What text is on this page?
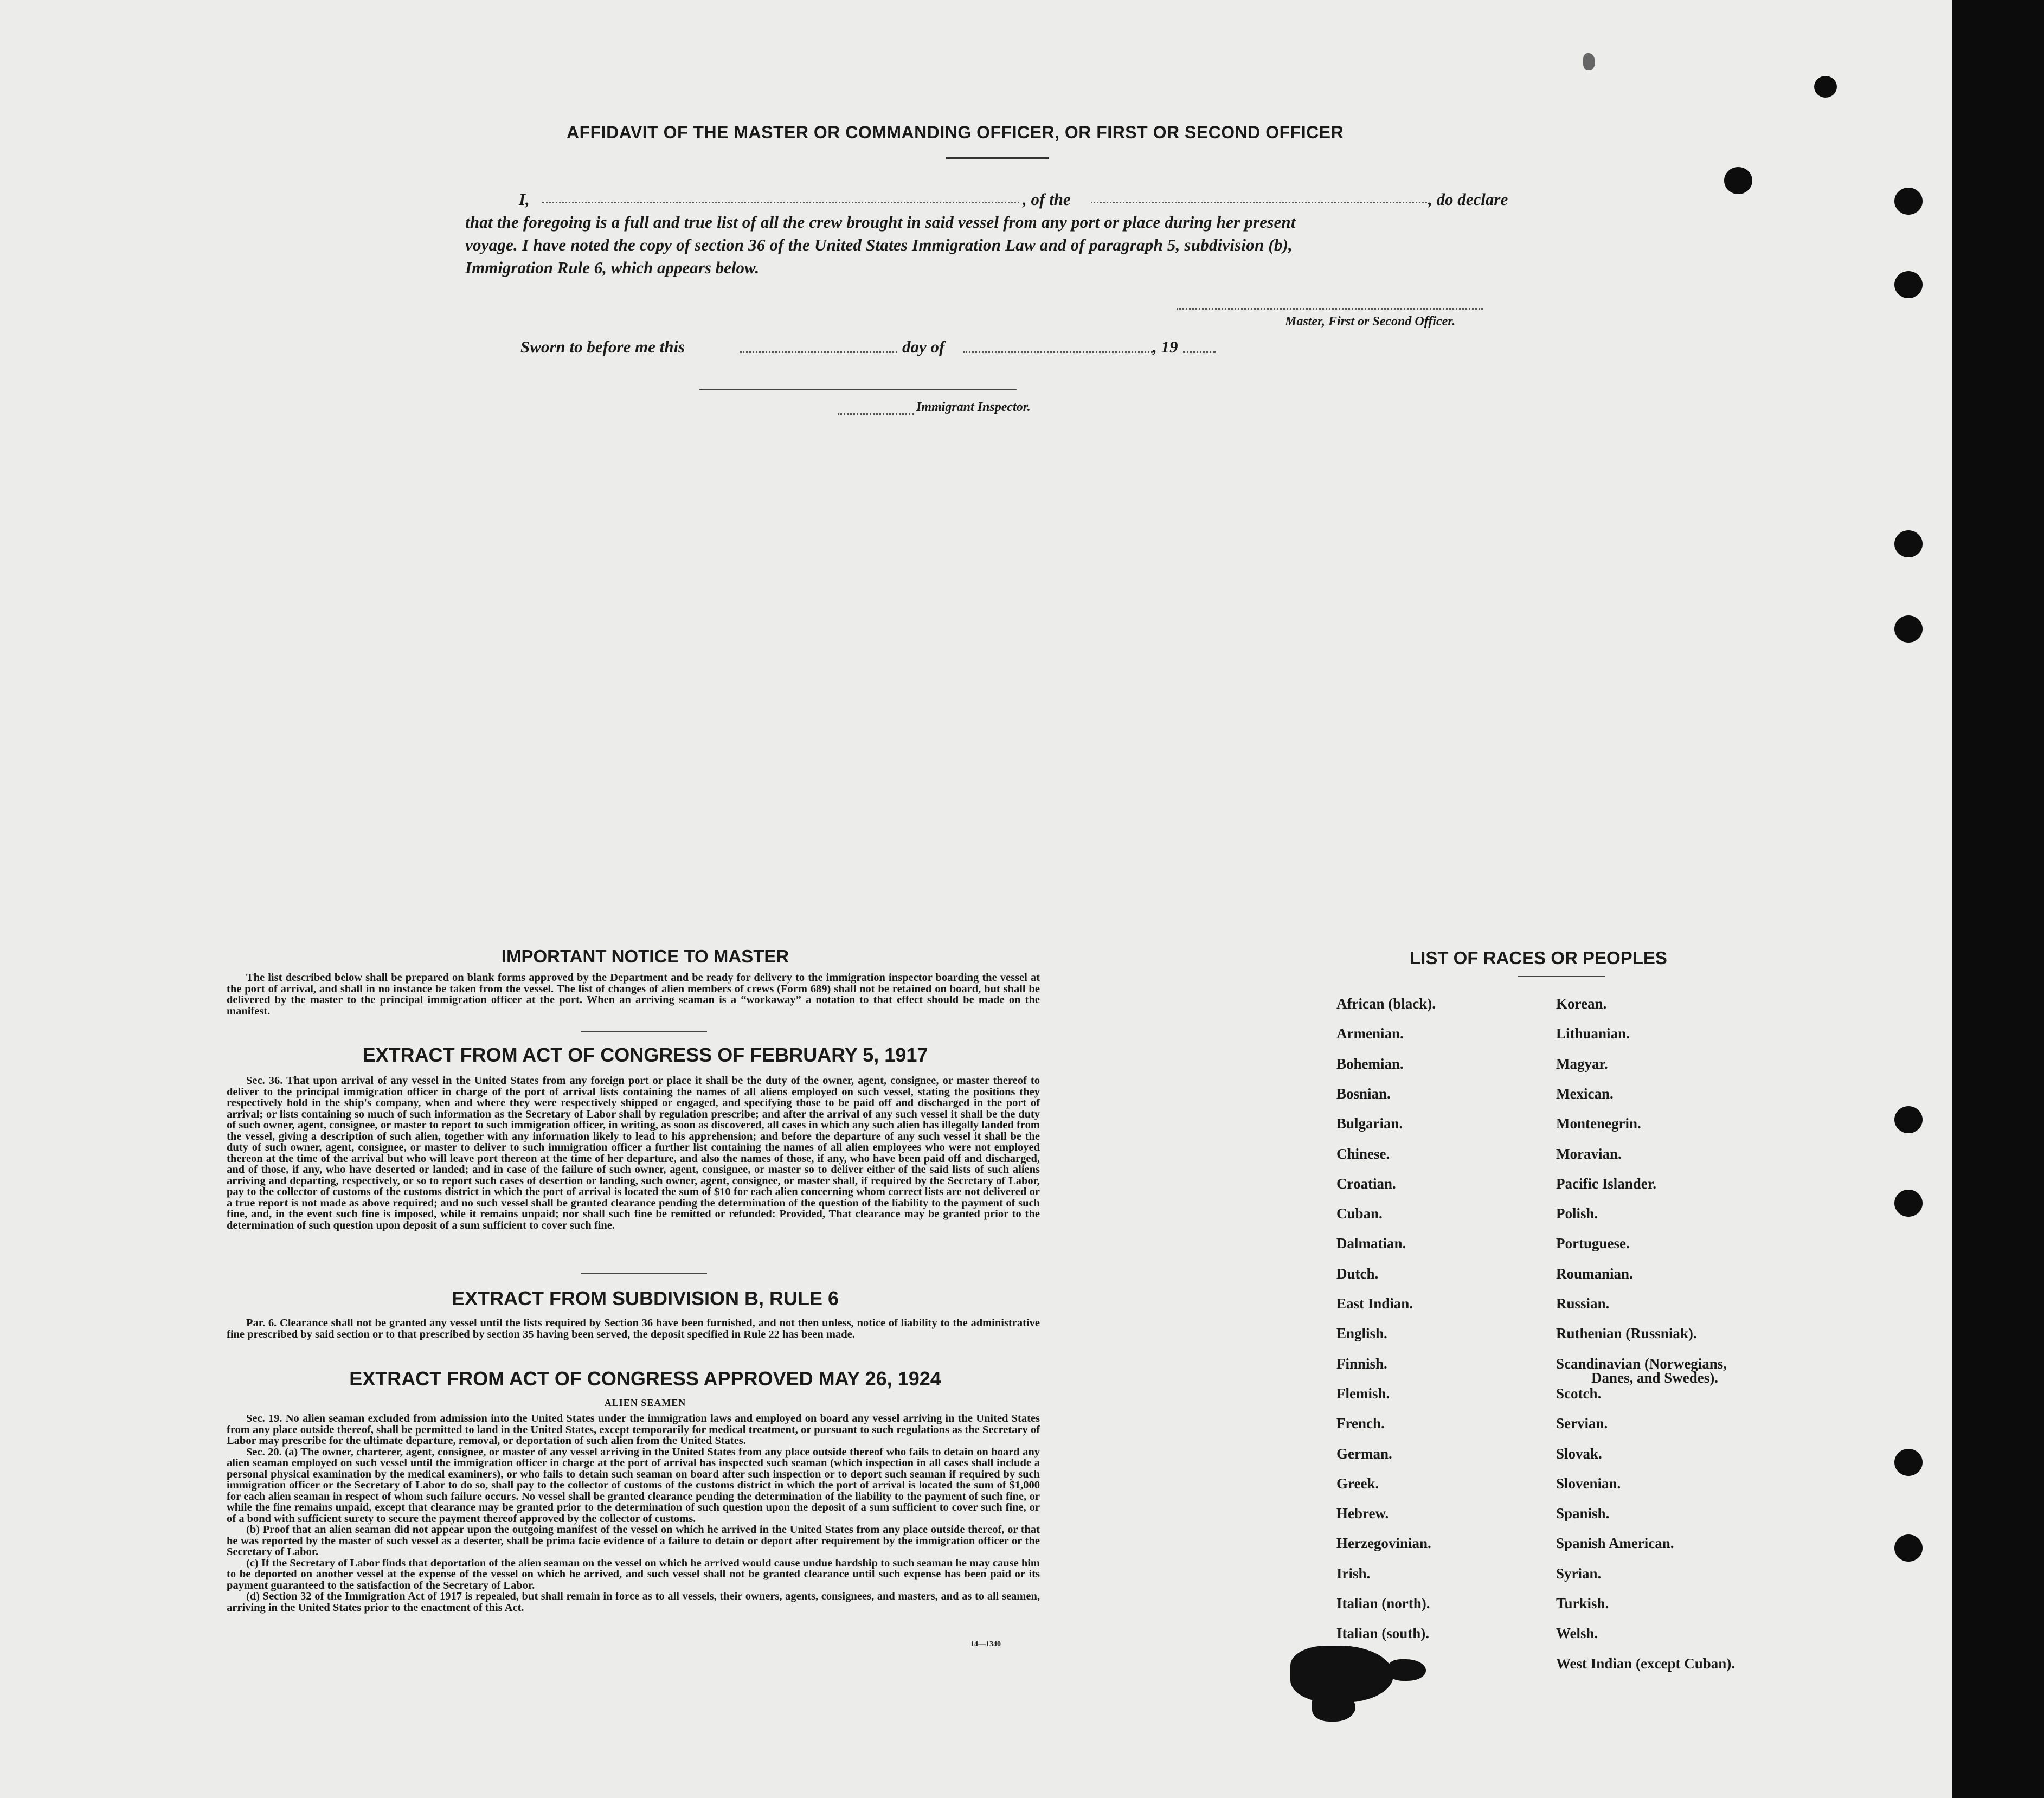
AFFIDAVIT OF THE MASTER OR COMMANDING OFFICER, OR FIRST OR SECOND OFFICER
I,	, of the	, do declare
that the foregoing is a full and true list of all the crew brought in said vessel from any port or place during her present
voyage. I have noted the copy of section 36 of the United States Immigration Law and of paragraph 5, subdivision (b),
Immigration Rule 6, which appears below.
Master, First or Second Officer.
Sworn to before me this	day of	, 19
Immigrant Inspector.
IMPORTANT NOTICE TO MASTER

The list described below shall be prepared on blank forms approved by the Department and be ready for delivery to the immigration inspector boarding the vessel at the port of arrival, and shall in no instance be taken from the vessel. The list of changes of alien members of crews (Form 689) shall not be retained on board, but shall be delivered by the master to the principal immigration officer at the port. When an arriving seaman is a “workaway” a notation to that effect should be made on the manifest.

EXTRACT FROM ACT OF CONGRESS OF FEBRUARY 5, 1917

Sec. 36. That upon arrival of any vessel in the United States from any foreign port or place it shall be the duty of the owner, agent, consignee, or master thereof to deliver to the principal immigration officer in charge of the port of arrival lists containing the names of all aliens employed on such vessel, stating the positions they respectively hold in the ship's company, when and where they were respectively shipped or engaged, and specifying those to be paid off and discharged in the port of arrival; or lists containing so much of such information as the Secretary of Labor shall by regulation prescribe; and after the arrival of any such vessel it shall be the duty of such owner, agent, consignee, or master to report to such immigration officer, in writing, as soon as discovered, all cases in which any such alien has illegally landed from the vessel, giving a description of such alien, together with any information likely to lead to his apprehension; and before the departure of any such vessel it shall be the duty of such owner, agent, consignee, or master to deliver to such immigration officer a further list containing the names of all alien employees who were not employed thereon at the time of the arrival but who will leave port thereon at the time of her departure, and also the names of those, if any, who have been paid off and discharged, and of those, if any, who have deserted or landed; and in case of the failure of such owner, agent, consignee, or master so to deliver either of the said lists of such aliens arriving and departing, respectively, or so to report such cases of desertion or landing, such owner, agent, consignee, or master shall, if required by the Secretary of Labor, pay to the collector of customs of the customs district in which the port of arrival is located the sum of $10 for each alien concerning whom correct lists are not delivered or a true report is not made as above required; and no such vessel shall be granted clearance pending the determination of the question of the liability to the payment of such fine, and, in the event such fine is imposed, while it remains unpaid; nor shall such fine be remitted or refunded: Provided, That clearance may be granted prior to the determination of such question upon deposit of a sum sufficient to cover such fine.

EXTRACT FROM SUBDIVISION B, RULE 6

Par. 6. Clearance shall not be granted any vessel until the lists required by Section 36 have been furnished, and not then unless, notice of liability to the administrative fine prescribed by said section or to that prescribed by section 35 having been served, the deposit specified in Rule 22 has been made.

EXTRACT FROM ACT OF CONGRESS APPROVED MAY 26, 1924
ALIEN SEAMEN

Sec. 19. No alien seaman excluded from admission into the United States under the immigration laws and employed on board any vessel arriving in the United States from any place outside thereof, shall be permitted to land in the United States, except temporarily for medical treatment, or pursuant to such regulations as the Secretary of Labor may prescribe for the ultimate departure, removal, or deportation of such alien from the United States.

Sec. 20. (a) The owner, charterer, agent, consignee, or master of any vessel arriving in the United States from any place outside thereof who fails to detain on board any alien seaman employed on such vessel until the immigration officer in charge at the port of arrival has inspected such seaman (which inspection in all cases shall include a personal physical examination by the medical examiners), or who fails to detain such seaman on board after such inspection or to deport such seaman if required by such immigration officer or the Secretary of Labor to do so, shall pay to the collector of customs of the customs district in which the port of arrival is located the sum of $1,000 for each alien seaman in respect of whom such failure occurs. No vessel shall be granted clearance pending the determination of the liability to the payment of such fine, or while the fine remains unpaid, except that clearance may be granted prior to the determination of such question upon the deposit of a sum sufficient to cover such fine, or of a bond with sufficient surety to secure the payment thereof approved by the collector of customs.

(b) Proof that an alien seaman did not appear upon the outgoing manifest of the vessel on which he arrived in the United States from any place outside thereof, or that he was reported by the master of such vessel as a deserter, shall be prima facie evidence of a failure to detain or deport after requirement by the immigration officer or the Secretary of Labor.

(c) If the Secretary of Labor finds that deportation of the alien seaman on the vessel on which he arrived would cause undue hardship to such seaman he may cause him to be deported on another vessel at the expense of the vessel on which he arrived, and such vessel shall not be granted clearance until such expense has been paid or its payment guaranteed to the satisfaction of the Secretary of Labor.

(d) Section 32 of the Immigration Act of 1917 is repealed, but shall remain in force as to all vessels, their owners, agents, consignees, and masters, and as to all seamen, arriving in the United States prior to the enactment of this Act.

14—1340
LIST OF RACES OR PEOPLES
African (black).
Armenian.
Bohemian.
Bosnian.
Bulgarian.
Chinese.
Croatian.
Cuban.
Dalmatian.
Dutch.
East Indian.
English.
Finnish.
Flemish.
French.
German.
Greek.
Hebrew.
Herzegovinian.
Irish.
Italian (north).
Italian (south).
Korean.
Lithuanian.
Magyar.
Mexican.
Montenegrin.
Moravian.
Pacific Islander.
Polish.
Portuguese.
Roumanian.
Russian.
Ruthenian (Russniak).
Scandinavian (Norwegians,
Scotch.
Servian.
Slovak.
Slovenian.
Spanish.
Spanish American.
Syrian.
Turkish.
Welsh.
West Indian (except Cuban).
Danes, and Swedes).
